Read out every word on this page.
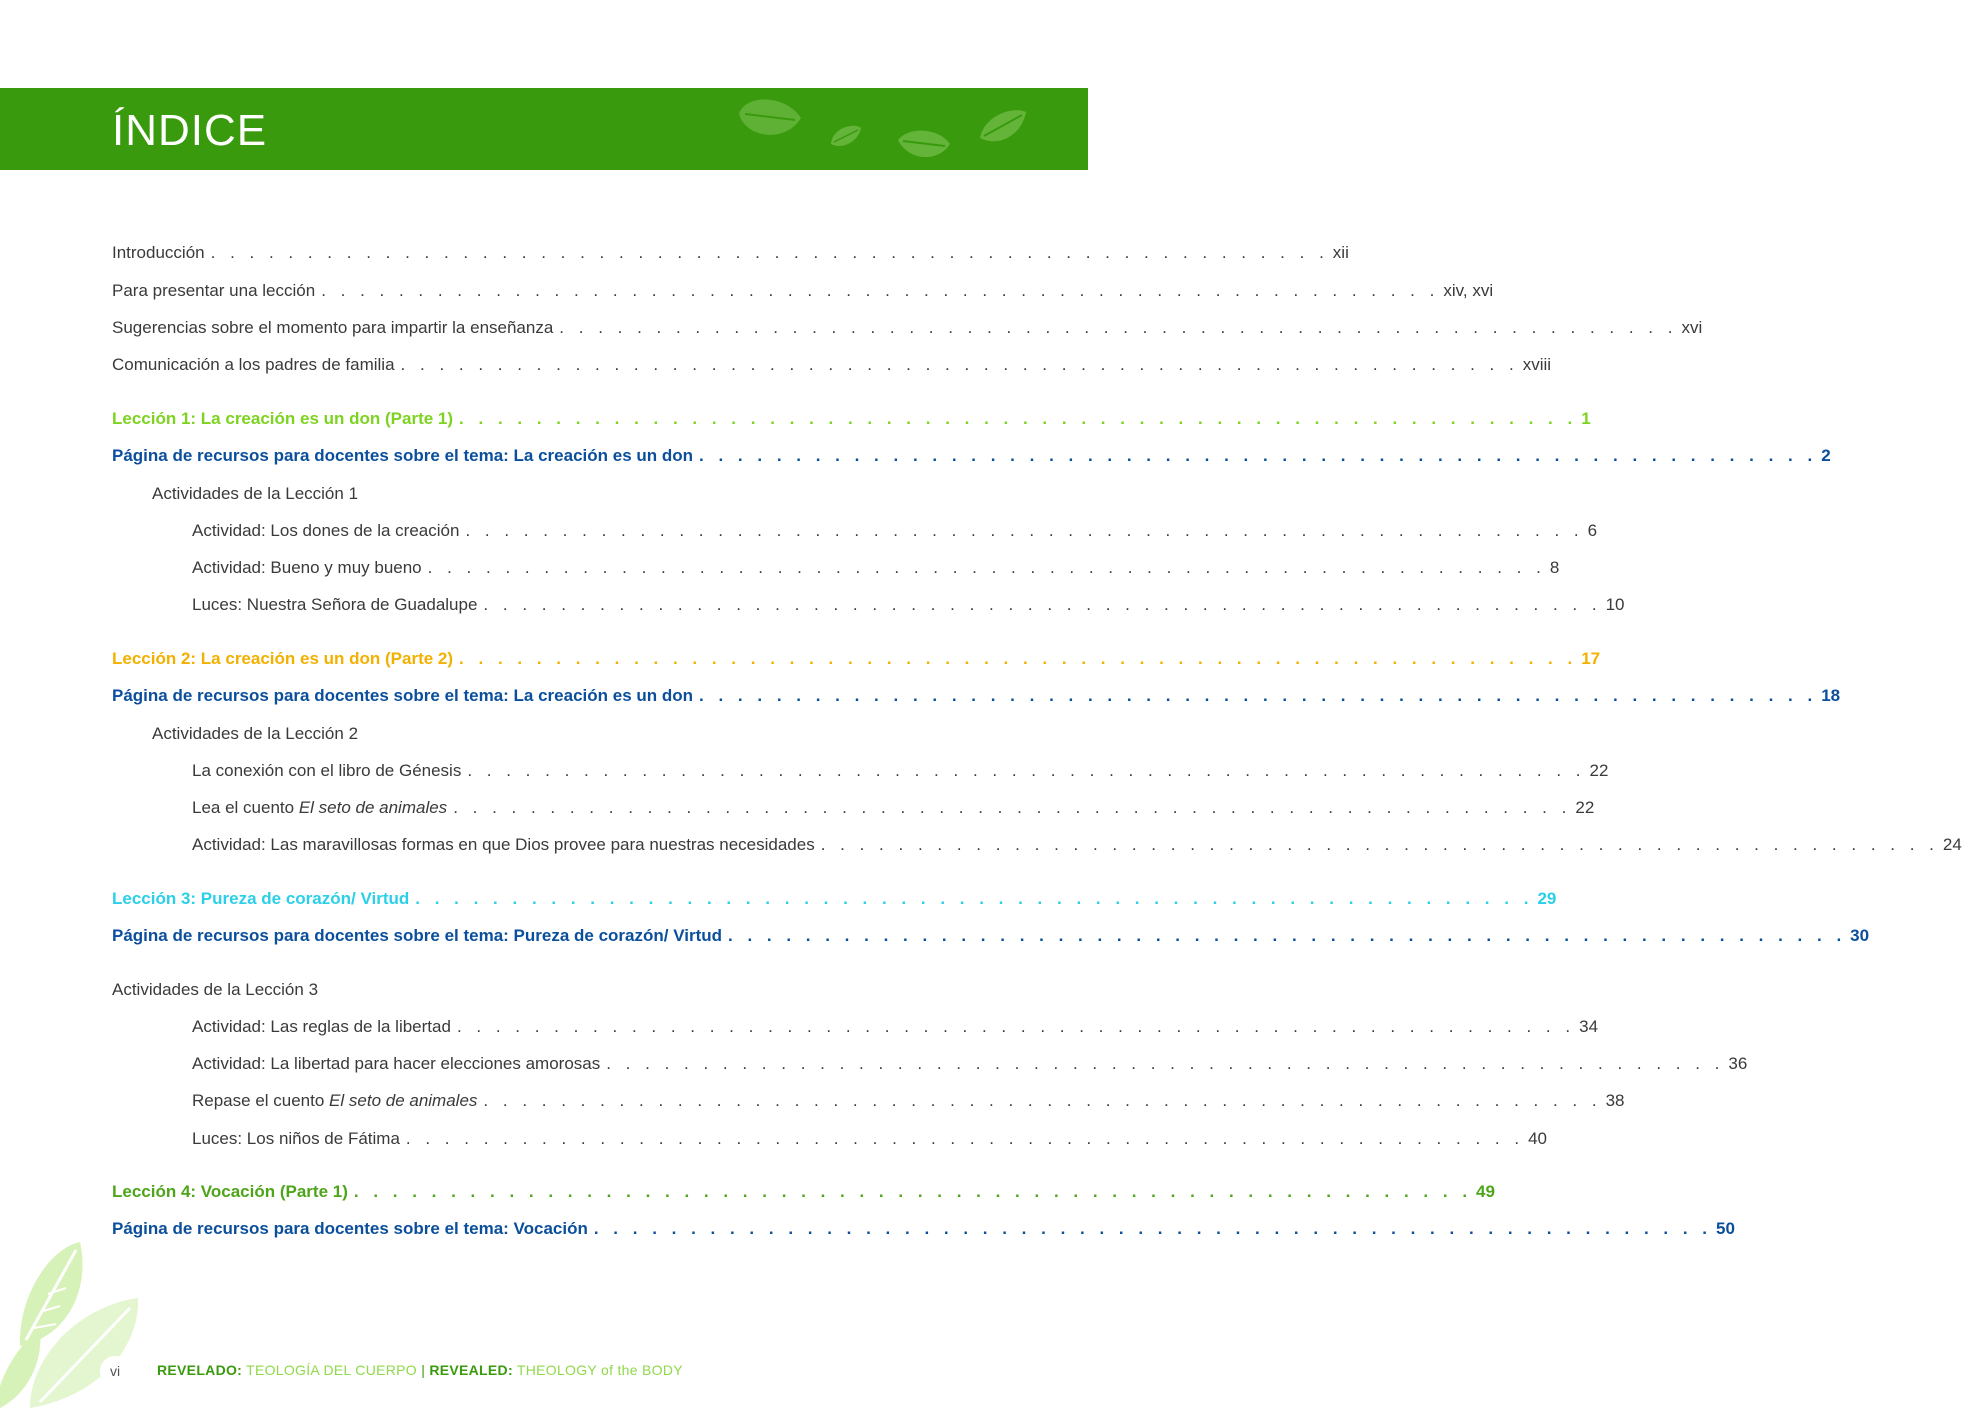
ÍNDICE
Introducción . . . . . . . . . . . . . . . . . . . . . . . . . . . . . . . . . . . . . . . . . . . . . . . . . . . . . . . . . . xii
Para presentar una lección . . . . . . . . . . . . . . . . . . . . . . . . . . . . . . . . . . . . . . . . . . . . . . . . . . . . . . . . . . xiv, xvi
Sugerencias sobre el momento para impartir la enseñanza . . . . . . . . . . . . . . . . . . . . . . . . . . . . . . . . . . . . . . . . . . . . . . . . . . . . . . . . . . xvi
Comunicación a los padres de familia . . . . . . . . . . . . . . . . . . . . . . . . . . . . . . . . . . . . . . . . . . . . . . . . . . . . . . . . . . xviii
Lección 1: La creación es un don (Parte 1) . . . . . . . . . . . . . . . . . . . . . . . . . . . . . . . . . . . . . . . . . . . . . . . . . . . . . . . . . . 1
Página de recursos para docentes sobre el tema: La creación es un don . . . . . . . . . . . . . . . . . . . . . . . . . . . . . . . . . . . . . . . . . . . . . . . . . . . . . . . . . . 2
Actividades de la Lección 1
Actividad: Los dones de la creación . . . . . . . . . . . . . . . . . . . . . . . . . . . . . . . . . . . . . . . . . . . . . . . . . . . . . . . . . . 6
Actividad: Bueno y muy bueno . . . . . . . . . . . . . . . . . . . . . . . . . . . . . . . . . . . . . . . . . . . . . . . . . . . . . . . . . . 8
Luces: Nuestra Señora de Guadalupe . . . . . . . . . . . . . . . . . . . . . . . . . . . . . . . . . . . . . . . . . . . . . . . . . . . . . . . . . . 10
Lección 2: La creación es un don (Parte 2) . . . . . . . . . . . . . . . . . . . . . . . . . . . . . . . . . . . . . . . . . . . . . . . . . . . . . . . . . . 17
Página de recursos para docentes sobre el tema: La creación es un don . . . . . . . . . . . . . . . . . . . . . . . . . . . . . . . . . . . . . . . . . . . . . . . . . . . . . . . . . . 18
Actividades de la Lección 2
La conexión con el libro de Génesis . . . . . . . . . . . . . . . . . . . . . . . . . . . . . . . . . . . . . . . . . . . . . . . . . . . . . . . . . . 22
Lea el cuento El seto de animales . . . . . . . . . . . . . . . . . . . . . . . . . . . . . . . . . . . . . . . . . . . . . . . . . . . . . . . . . . 22
Actividad: Las maravillosas formas en que Dios provee para nuestras necesidades . . . . . . . . . . . . . . . . . . . . . . . . . . . . . . . . . . . . . . . . . . . . . . . . . . . . . . . . . . 24
Lección 3: Pureza de corazón/ Virtud . . . . . . . . . . . . . . . . . . . . . . . . . . . . . . . . . . . . . . . . . . . . . . . . . . . . . . . . . . 29
Página de recursos para docentes sobre el tema: Pureza de corazón/ Virtud . . . . . . . . . . . . . . . . . . . . . . . . . . . . . . . . . . . . . . . . . . . . . . . . . . . . . . . . . . 30
Actividades de la Lección 3
Actividad: Las reglas de la libertad . . . . . . . . . . . . . . . . . . . . . . . . . . . . . . . . . . . . . . . . . . . . . . . . . . . . . . . . . . 34
Actividad: La libertad para hacer elecciones amorosas . . . . . . . . . . . . . . . . . . . . . . . . . . . . . . . . . . . . . . . . . . . . . . . . . . . . . . . . . . 36
Repase el cuento El seto de animales . . . . . . . . . . . . . . . . . . . . . . . . . . . . . . . . . . . . . . . . . . . . . . . . . . . . . . . . . . 38
Luces: Los niños de Fátima . . . . . . . . . . . . . . . . . . . . . . . . . . . . . . . . . . . . . . . . . . . . . . . . . . . . . . . . . . 40
Lección 4: Vocación (Parte 1) . . . . . . . . . . . . . . . . . . . . . . . . . . . . . . . . . . . . . . . . . . . . . . . . . . . . . . . . . . 49
Página de recursos para docentes sobre el tema: Vocación . . . . . . . . . . . . . . . . . . . . . . . . . . . . . . . . . . . . . . . . . . . . . . . . . . . . . . . . . . 50
vi	REVELADO: TEOLOGÍA DEL CUERPO | REVEALED: THEOLOGY of the BODY
